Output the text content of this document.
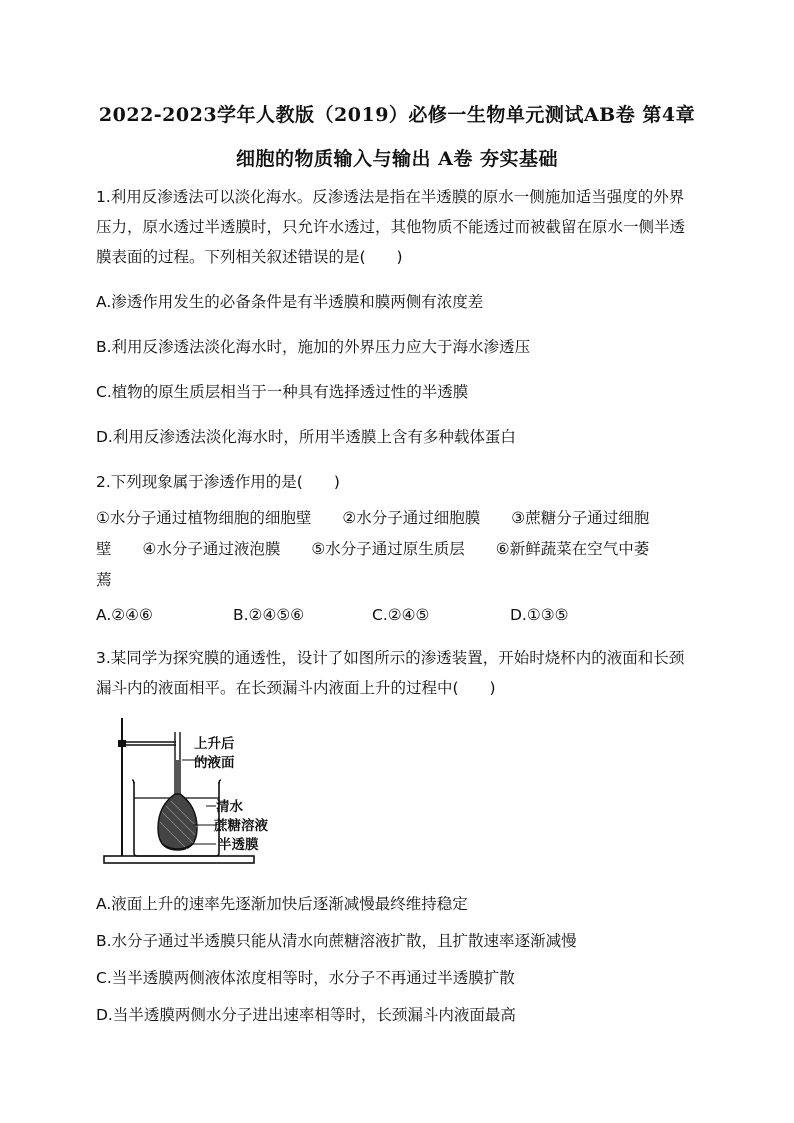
2022-2023学年人教版（2019）必修一生物单元测试AB卷 第4章
细胞的物质输入与输出 A卷 夯实基础
1.利用反渗透法可以淡化海水。反渗透法是指在半透膜的原水一侧施加适当强度的外界
压力，原水透过半透膜时，只允许水透过，其他物质不能透过而被截留在原水一侧半透
膜表面的过程。下列相关叙述错误的是(　　)
A.渗透作用发生的必备条件是有半透膜和膜两侧有浓度差
B.利用反渗透法淡化海水时，施加的外界压力应大于海水渗透压
C.植物的原生质层相当于一种具有选择透过性的半透膜
D.利用反渗透法淡化海水时，所用半透膜上含有多种载体蛋白
2.下列现象属于渗透作用的是(　　)
①水分子通过植物细胞的细胞壁　　②水分子通过细胞膜　　③蔗糖分子通过细胞
壁　　④水分子通过液泡膜　　⑤水分子通过原生质层　　⑥新鲜蔬菜在空气中萎
蔫
A.②④⑥	B.②④⑤⑥	C.②④⑤	D.①③⑤
3.某同学为探究膜的通透性，设计了如图所示的渗透装置，开始时烧杯内的液面和长颈
漏斗内的液面相平。在长颈漏斗内液面上升的过程中(　　)
上升后
的液面
清水
蔗糖溶液
半透膜
A.液面上升的速率先逐渐加快后逐渐减慢最终维持稳定
B.水分子通过半透膜只能从清水向蔗糖溶液扩散，且扩散速率逐渐减慢
C.当半透膜两侧液体浓度相等时，水分子不再通过半透膜扩散
D.当半透膜两侧水分子进出速率相等时，长颈漏斗内液面最高
